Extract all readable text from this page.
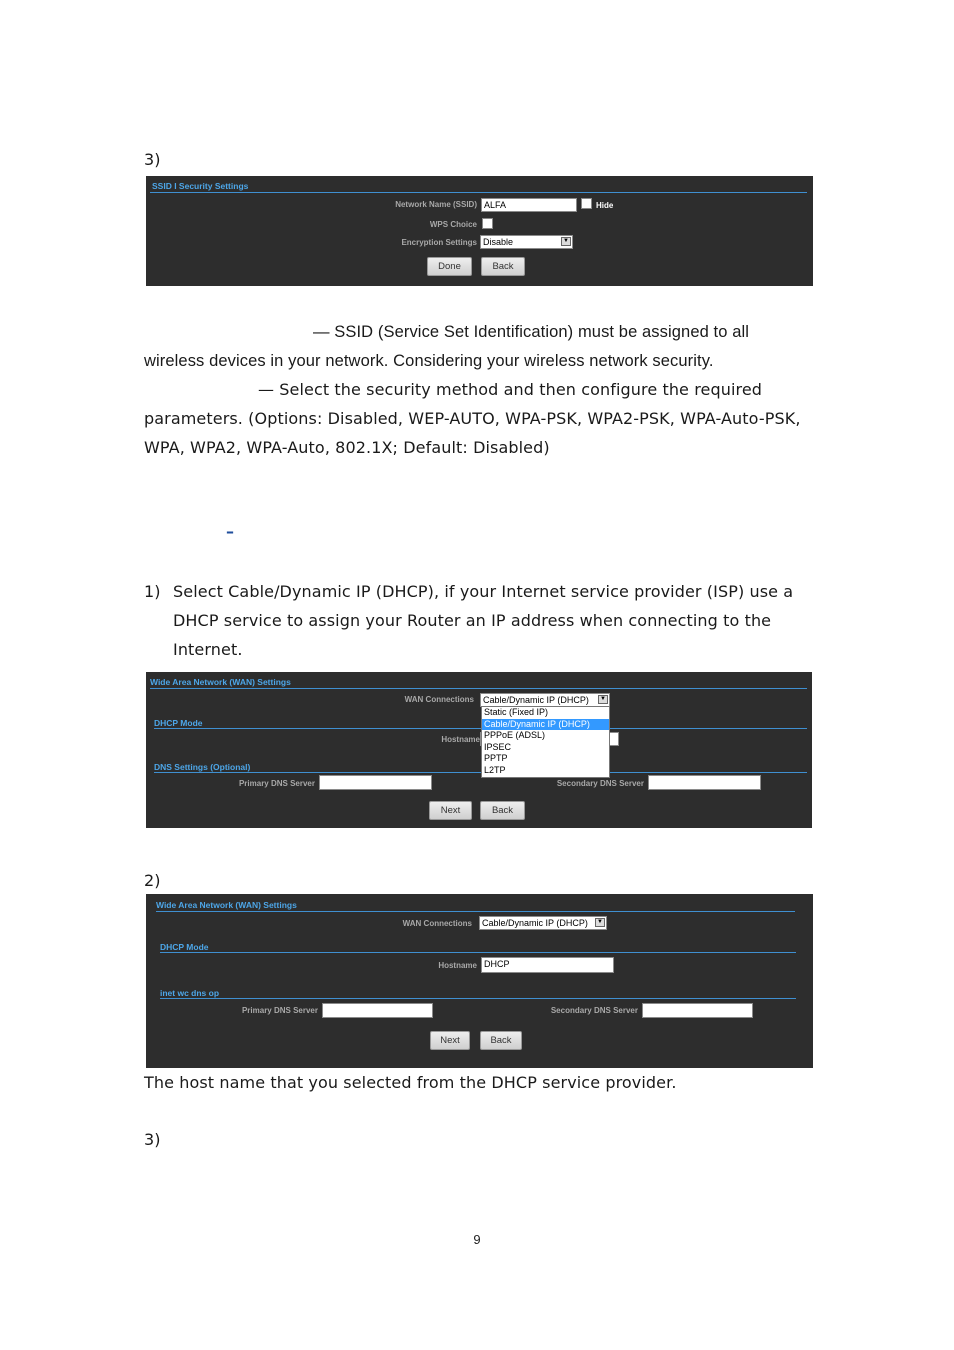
3)
SSID I Security Settings
Network Name (SSID) ALFA	Hide
WPS Choice
Encryption Settings Disable	▼
Done	Back
— SSID (Service Set Identification) must be assigned to all
wireless devices in your network. Considering your wireless network security.
— Select the security method and then configure the required
parameters. (Options: Disabled, WEP-AUTO, WPA-PSK, WPA2-PSK, WPA-Auto-PSK,
WPA, WPA2, WPA-Auto, 802.1X; Default: Disabled)
–
1) Select Cable/Dynamic IP (DHCP), if your Internet service provider (ISP) use a
DHCP service to assign your Router an IP address when connecting to the
Internet.
Wide Area Network (WAN) Settings
WAN Connections	Cable/Dynamic IP (DHCP)	▼
DHCP Mode
Hostname
DNS Settings (Optional)
Primary DNS Server	Secondary DNS Server
Static (Fixed IP)
Cable/Dynamic IP (DHCP)
PPPoE (ADSL)
IPSEC
PPTP
L2TP
Next	Back
2)
Wide Area Network (WAN) Settings
WAN Connections	Cable/Dynamic IP (DHCP)	▼
DHCP Mode
Hostname DHCP
inet wc dns op
Primary DNS Server	Secondary DNS Server
Next	Back
The host name that you selected from the DHCP service provider.
3)
9
